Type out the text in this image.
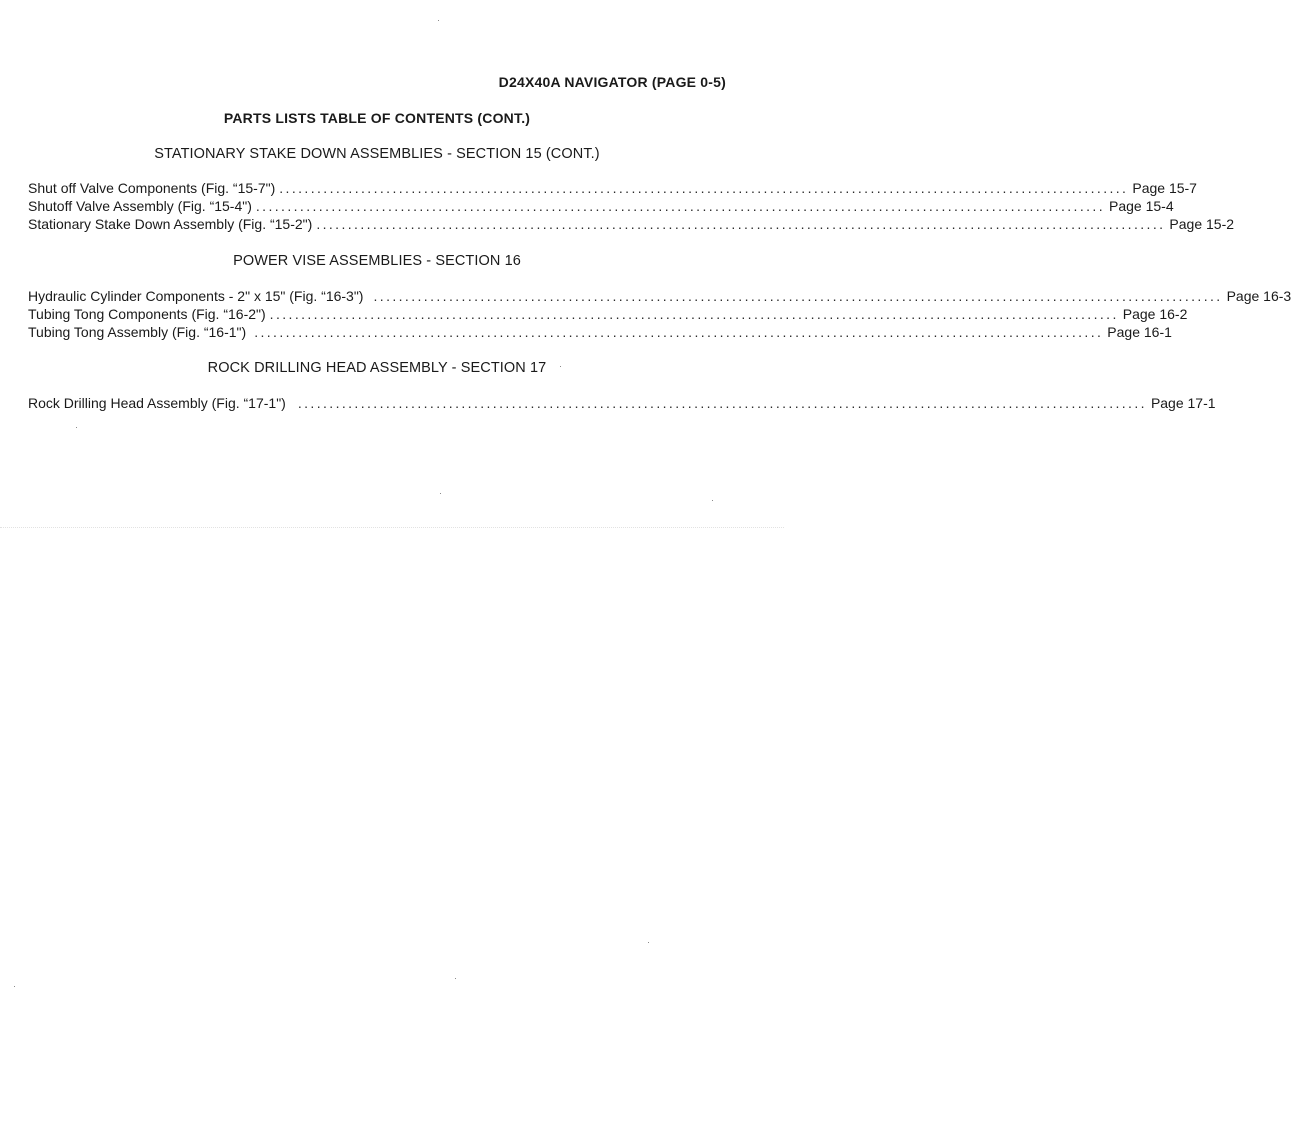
D24X40A NAVIGATOR (PAGE 0-5)
PARTS LISTS TABLE OF CONTENTS (CONT.)
STATIONARY STAKE DOWN ASSEMBLIES - SECTION 15 (CONT.)
Shut off Valve Components (Fig. “15-7") ....................................................................................................................................... Page 15-7
Shutoff Valve Assembly (Fig. “15-4") ....................................................................................................................................... Page 15-4
Stationary Stake Down Assembly (Fig. “15-2") ....................................................................................................................................... Page 15-2
POWER VISE ASSEMBLIES - SECTION 16
Hydraulic Cylinder Components - 2" x 15" (Fig. “16-3") ....................................................................................................................................... Page 16-3
Tubing Tong Components (Fig. “16-2") ....................................................................................................................................... Page 16-2
Tubing Tong Assembly (Fig. “16-1") ....................................................................................................................................... Page 16-1
ROCK DRILLING HEAD ASSEMBLY - SECTION 17
Rock Drilling Head Assembly (Fig. “17-1") ....................................................................................................................................... Page 17-1
